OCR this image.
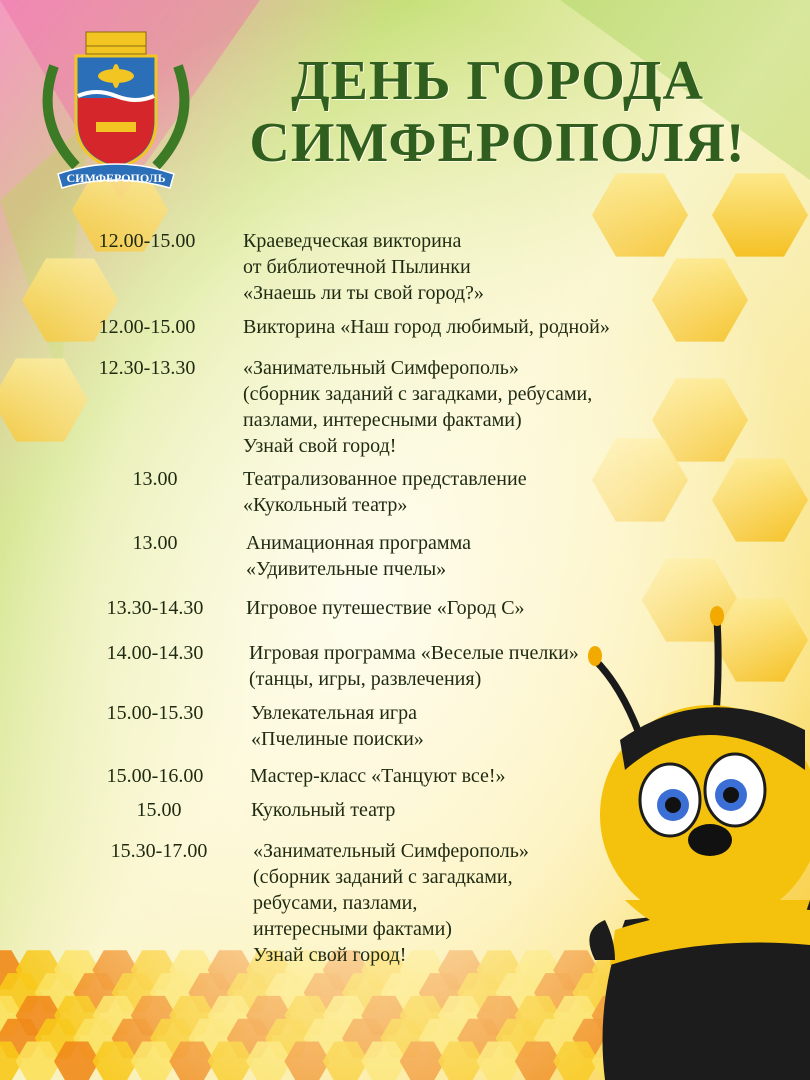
СИМФЕРОПОЛЬ
ДЕНЬ ГОРОДА
СИМФЕРОПОЛЯ!
12.00-15.00	Краеведческая викторина
от библиотечной Пылинки
«Знаешь ли ты свой город?»
12.00-15.00	Викторина «Наш город любимый, родной»
12.30-13.30	«Занимательный Симферополь»
(сборник заданий с загадками, ребусами,
пазлами, интересными фактами)
Узнай свой город!
13.00	Театрализованное представление
«Кукольный театр»
13.00	Анимационная программа
«Удивительные пчелы»
13.30-14.30	Игровое путешествие «Город С»
14.00-14.30	Игровая программа «Веселые пчелки»
(танцы, игры, развлечения)
15.00-15.30	Увлекательная игра
«Пчелиные поиски»
15.00-16.00	Мастер-класс «Танцуют все!»
15.00	Кукольный театр
15.30-17.00	«Занимательный Симферополь»
(сборник заданий с загадками,
ребусами, пазлами,
интересными фактами)
Узнай свой город!
